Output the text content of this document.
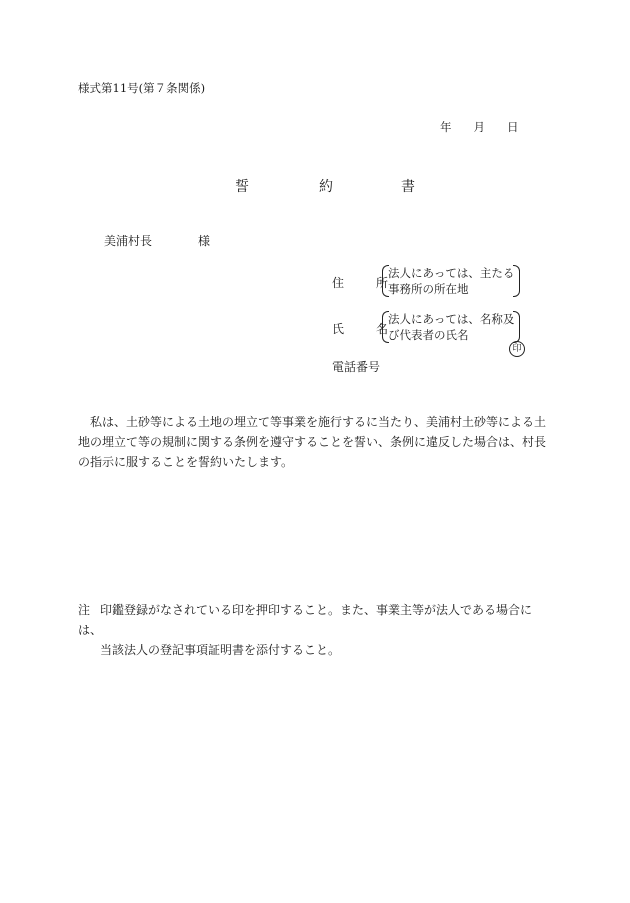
様式第11号(第７条関係)
年 月 日
誓	約	書
美浦村長	様
住	所
法人にあっては、主たる
事務所の所在地
氏	名
法人にあっては、名称及
び代表者の氏名
印
電話番号
私は、土砂等による土地の埋立て等事業を施行するに当たり、美浦村土砂等による土地の埋立て等の規制に関する条例を遵守することを誓い、条例に違反した場合は、村長の指示に服することを誓約いたします。
注 印鑑登録がなされている印を押印すること。また、事業主等が法人である場合には、
当該法人の登記事項証明書を添付すること。
